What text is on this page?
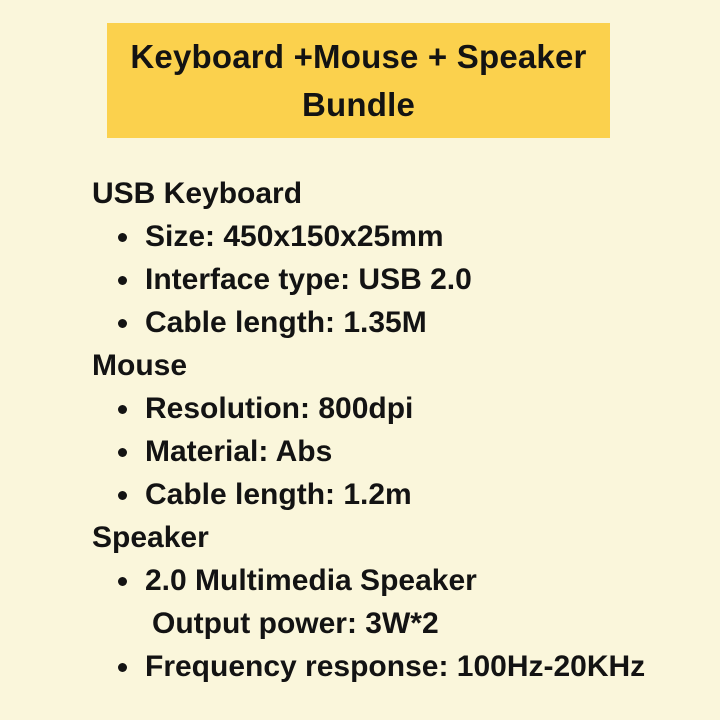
Keyboard +Mouse + Speaker Bundle
USB Keyboard
Size: 450x150x25mm
Interface type: USB 2.0
Cable length: 1.35M
Mouse
Resolution: 800dpi
Material: Abs
Cable length: 1.2m
Speaker
2.0 Multimedia Speaker
Output power: 3W*2
Frequency response: 100Hz-20KHz
